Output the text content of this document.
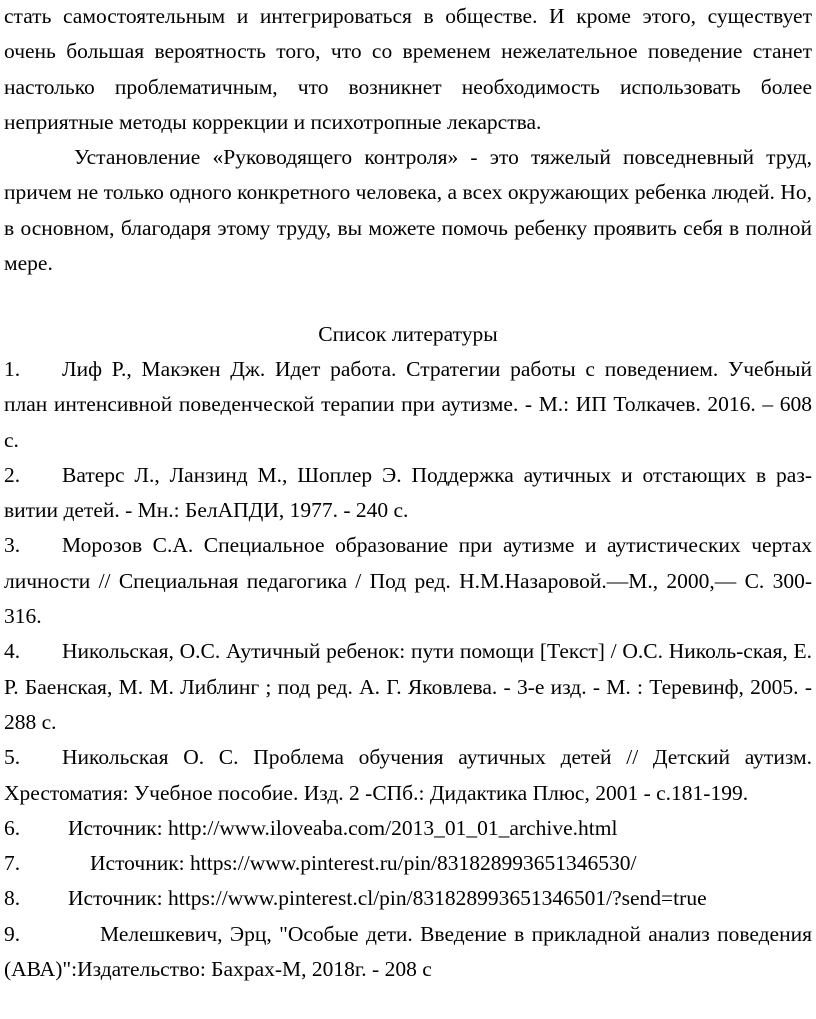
стать самостоятельным и интегрироваться в обществе. И кроме этого, существует очень большая вероятность того, что со временем нежелательное поведение станет настолько проблематичным, что возникнет необходимость использовать более неприятные методы коррекции и психотропные лекарства.

Установление «Руководящего контроля» - это тяжелый повседневный труд, причем не только одного конкретного человека, а всех окружающих ребенка людей. Но, в основном, благодаря этому труду, вы можете помочь ребенку проявить себя в полной мере.

Список литературы

1. Лиф Р., Макэкен Дж. Идет работа. Стратегии работы с поведением. Учебный план интенсивной поведенческой терапии при аутизме. - М.: ИП Толкачев. 2016. – 608 с.

2. Ватерс Л., Ланзинд М., Шоплер Э. Поддержка аутичных и отстающих в раз-витии детей. - Мн.: БелАПДИ, 1977. - 240 с.

3. Морозов С.А. Специальное образование при аутизме и аутистических чертах личности // Специальная педагогика / Под ред. Н.М.Назаровой.—М., 2000,— С. 300-316.

4. Никольская, О.С. Аутичный ребенок: пути помощи [Текст] / О.С. Николь-ская, Е. Р. Баенская, М. М. Либлинг ; под ред. А. Г. Яковлева. - 3-е изд. - М. : Теревинф, 2005. - 288 с.

5. Никольская О. С. Проблема обучения аутичных детей // Детский аутизм. Хрестоматия: Учебное пособие. Изд. 2 -СПб.: Дидактика Плюс, 2001 - с.181-199.

6. Источник: http://www.iloveaba.com/2013_01_01_archive.html

7.	Источник: https://www.pinterest.ru/pin/831828993651346530/

8. Источник: https://www.pinterest.cl/pin/831828993651346501/?send=true

9.	Мелешкевич, Эрц, "Особые дети. Введение в прикладной анализ поведения (АВА)":Издательство: Бахрах-М, 2018г. - 208 с
